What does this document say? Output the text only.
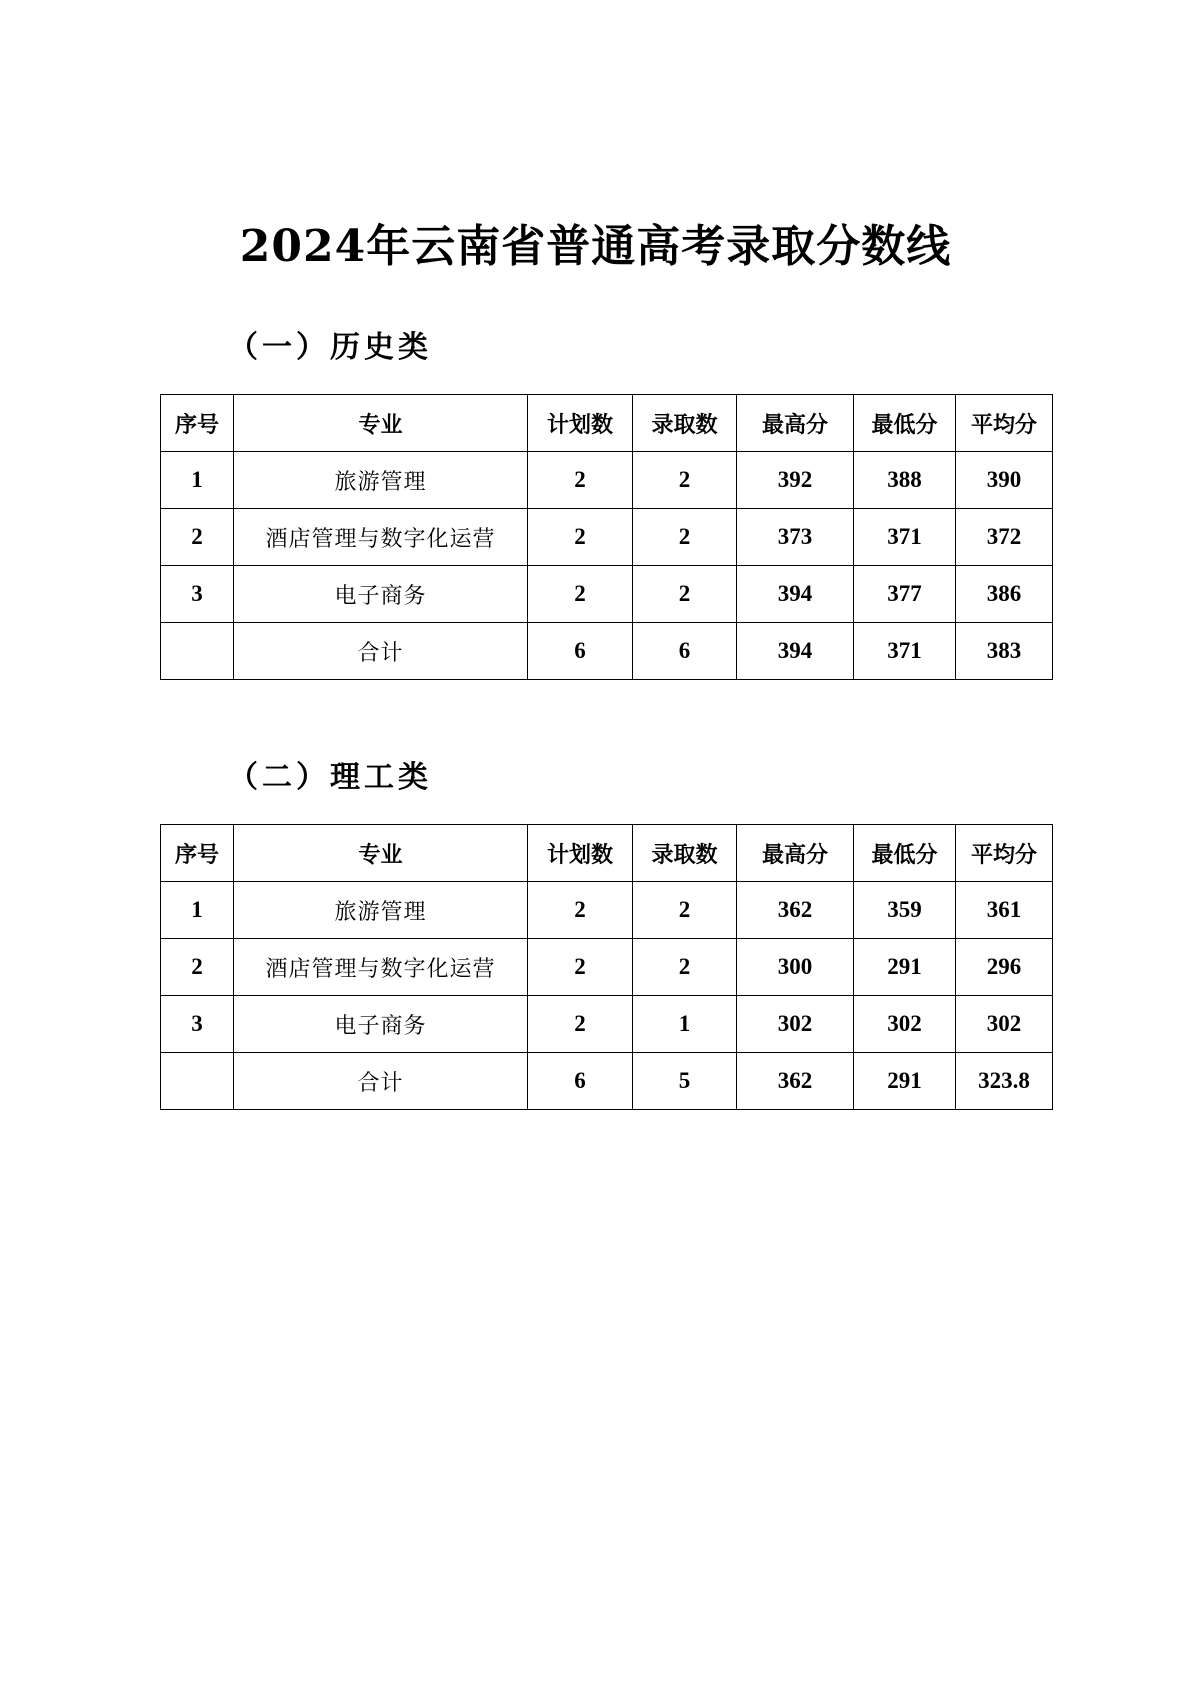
2024年云南省普通高考录取分数线
（一）历史类
序号	专业	计划数	录取数	最高分	最低分	平均分
1	旅游管理	2	2	392	388	390
2	酒店管理与数字化运营	2	2	373	371	372
3	电子商务	2	2	394	377	386
	合计	6	6	394	371	383
（二）理工类
序号	专业	计划数	录取数	最高分	最低分	平均分
1	旅游管理	2	2	362	359	361
2	酒店管理与数字化运营	2	2	300	291	296
3	电子商务	2	1	302	302	302
	合计	6	5	362	291	323.8
